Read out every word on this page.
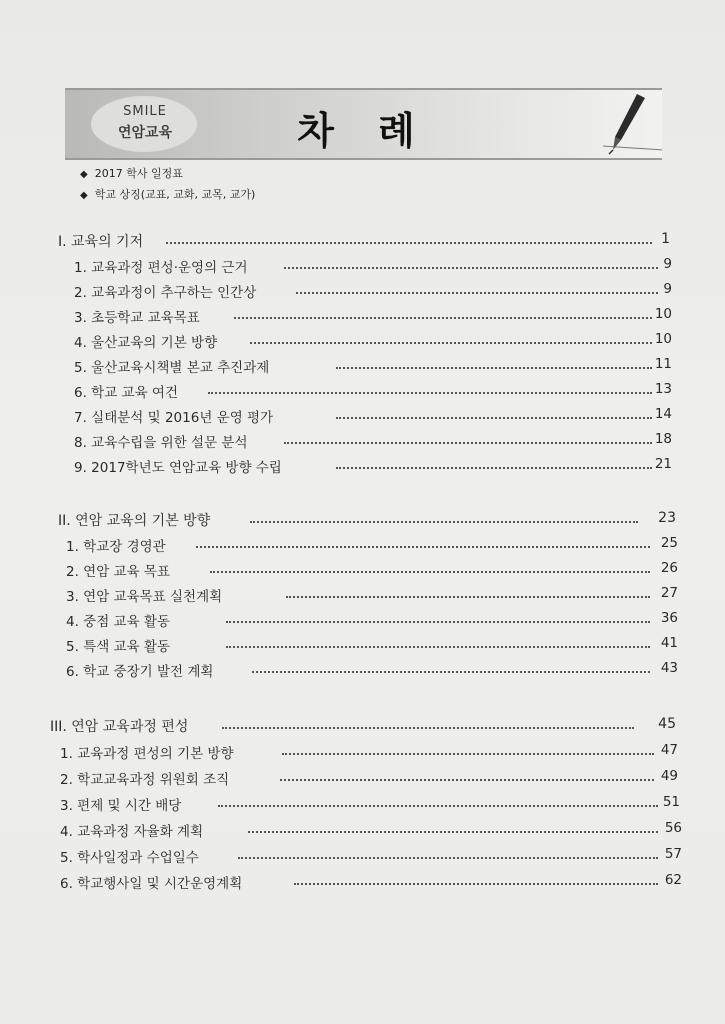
SMILE
연암교육	차례
◆ 2017 학사 일정표
◆ 학교 상징(교표, 교화, 교목, 교가)
I. 교육의 기저	1
1. 교육과정 편성·운영의 근거	9
2. 교육과정이 추구하는 인간상	9
3. 초등학교 교육목표	10
4. 울산교육의 기본 방향	10
5. 울산교육시책별 본교 추진과제	11
6. 학교 교육 여건	13
7. 실태분석 및 2016년 운영 평가	14
8. 교육수립을 위한 설문 분석	18
9. 2017학년도 연암교육 방향 수립	21
II. 연암 교육의 기본 방향	23
1. 학교장 경영관	25
2. 연암 교육 목표	26
3. 연암 교육목표 실천계획	27
4. 중점 교육 활동	36
5. 특색 교육 활동	41
6. 학교 중장기 발전 계획	43
III. 연암 교육과정 편성	45
1. 교육과정 편성의 기본 방향	47
2. 학교교육과정 위원회 조직	49
3. 편제 및 시간 배당	51
4. 교육과정 자율화 계획	56
5. 학사일정과 수업일수	57
6. 학교행사일 및 시간운영계획	62
